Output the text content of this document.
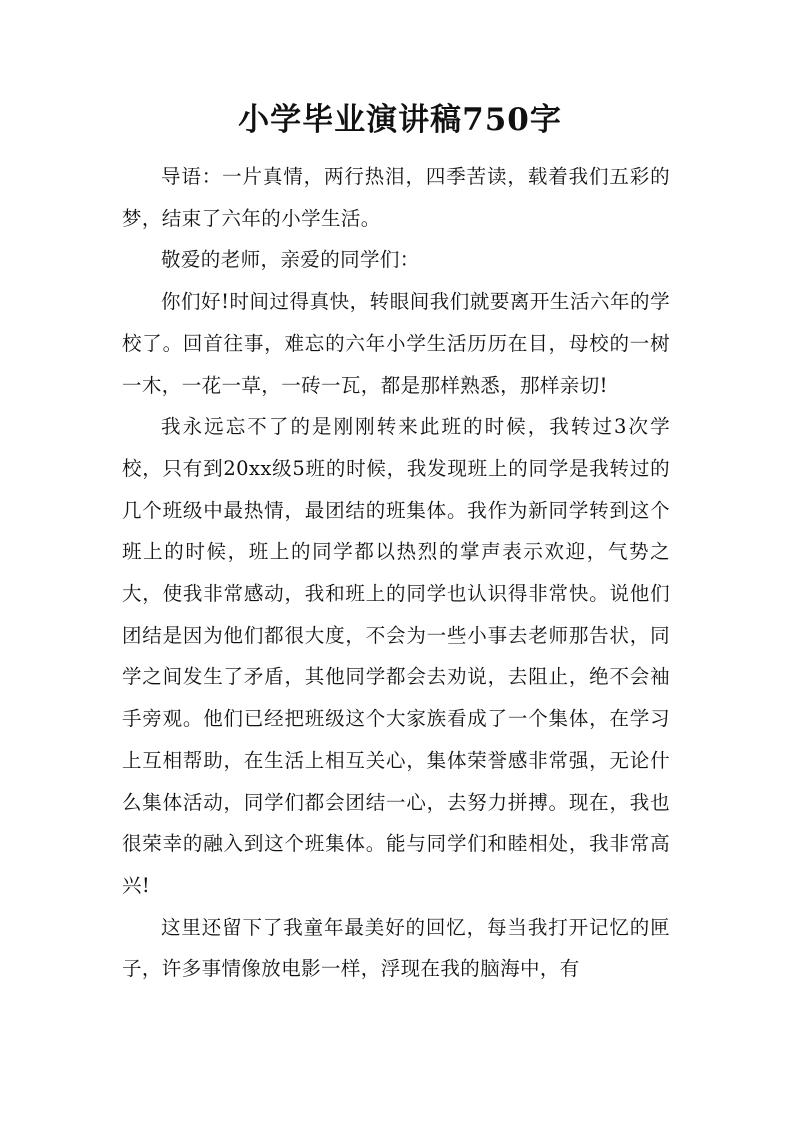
小学毕业演讲稿750字

导语：一片真情，两行热泪，四季苦读，载着我们五彩的梦，结束了六年的小学生活。

敬爱的老师，亲爱的同学们：

你们好!时间过得真快，转眼间我们就要离开生活六年的学校了。回首往事，难忘的六年小学生活历历在目，母校的一树一木，一花一草，一砖一瓦，都是那样熟悉，那样亲切!

我永远忘不了的是刚刚转来此班的时候，我转过3次学校，只有到20xx级5班的时候，我发现班上的同学是我转过的几个班级中最热情，最团结的班集体。我作为新同学转到这个班上的时候，班上的同学都以热烈的掌声表示欢迎，气势之大，使我非常感动，我和班上的同学也认识得非常快。说他们团结是因为他们都很大度，不会为一些小事去老师那告状，同学之间发生了矛盾，其他同学都会去劝说，去阻止，绝不会袖手旁观。他们已经把班级这个大家族看成了一个集体，在学习上互相帮助，在生活上相互关心，集体荣誉感非常强，无论什么集体活动，同学们都会团结一心，去努力拼搏。现在，我也很荣幸的融入到这个班集体。能与同学们和睦相处，我非常高兴!

这里还留下了我童年最美好的回忆，每当我打开记忆的匣子，许多事情像放电影一样，浮现在我的脑海中，有
